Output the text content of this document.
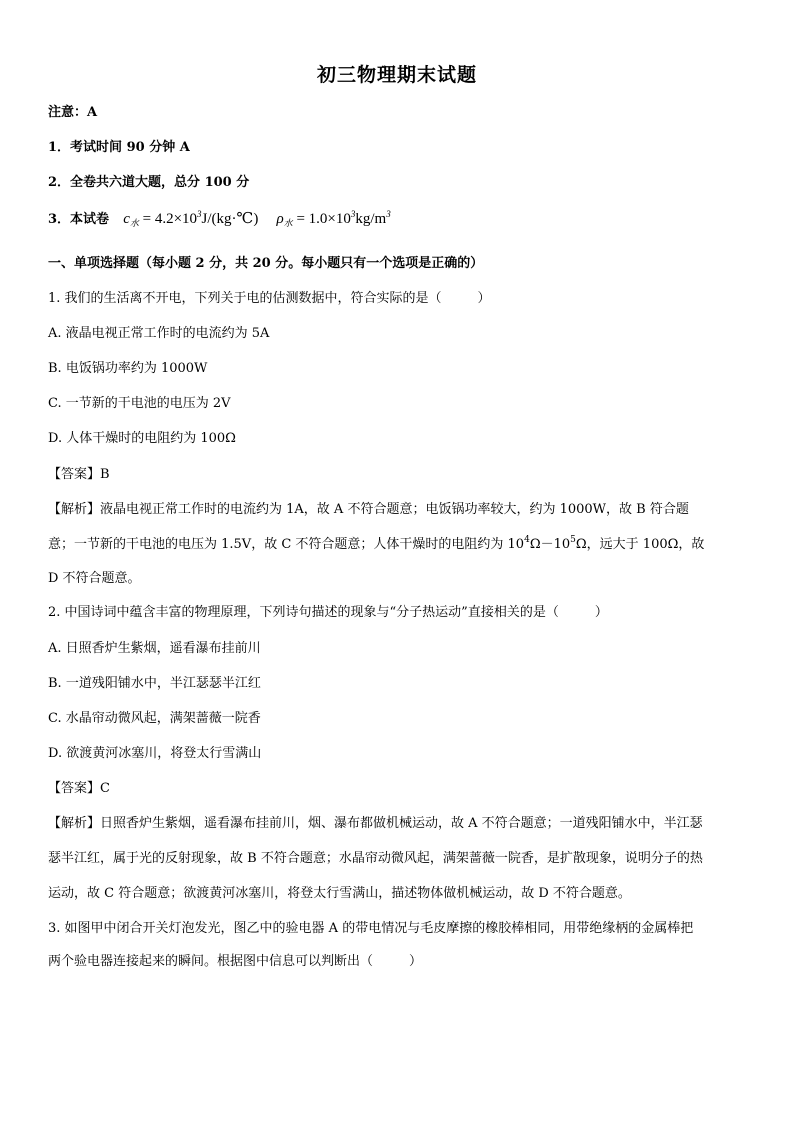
初三物理期末试题
注意：A
1．考试时间 90 分钟 A
2．全卷共六道大题，总分 100 分
3．本试卷 $c_水$ = $4.2\times 10^3J/(kg\cdot℃) \rho_水 = 1.0\times 10^3kg/m^3$
一、单项选择题（每小题 2 分，共 20 分。每小题只有一个选项是正确的）
1. 我们的生活离不开电，下列关于电的估测数据中，符合实际的是（	）
A. 液晶电视正常工作时的电流约为 5A
B. 电饭锅功率约为 1000W
C. 一节新的干电池的电压为 2V
D. 人体干燥时的电阻约为 100Ω
【答案】B
【解析】液晶电视正常工作时的电流约为 1A，故 A 不符合题意；电饭锅功率较大，约为 1000W，故 B 符合题
意；一节新的干电池的电压为 1.5V，故 C 不符合题意；人体干燥时的电阻约为 $10^4\Omega-10^5\Omega$，远大于 100Ω，故
D 不符合题意。
2. 中国诗词中蕴含丰富的物理原理，下列诗句描述的现象与“分子热运动”直接相关的是（	）
A. 日照香炉生紫烟，遥看瀑布挂前川
B. 一道残阳铺水中，半江瑟瑟半江红
C. 水晶帘动微风起，满架蔷薇一院香
D. 欲渡黄河冰塞川，将登太行雪满山
【答案】C
【解析】日照香炉生紫烟，遥看瀑布挂前川，烟、瀑布都做机械运动，故 A 不符合题意；一道残阳铺水中，半江瑟
瑟半江红，属于光的反射现象，故 B 不符合题意；水晶帘动微风起，满架蔷薇一院香，是扩散现象，说明分子的热
运动，故 C 符合题意；欲渡黄河冰塞川，将登太行雪满山，描述物体做机械运动，故 D 不符合题意。
3. 如图甲中闭合开关灯泡发光，图乙中的验电器 A 的带电情况与毛皮摩擦的橡胶棒相同，用带绝缘柄的金属棒把
两个验电器连接起来的瞬间。根据图中信息可以判断出（	）
